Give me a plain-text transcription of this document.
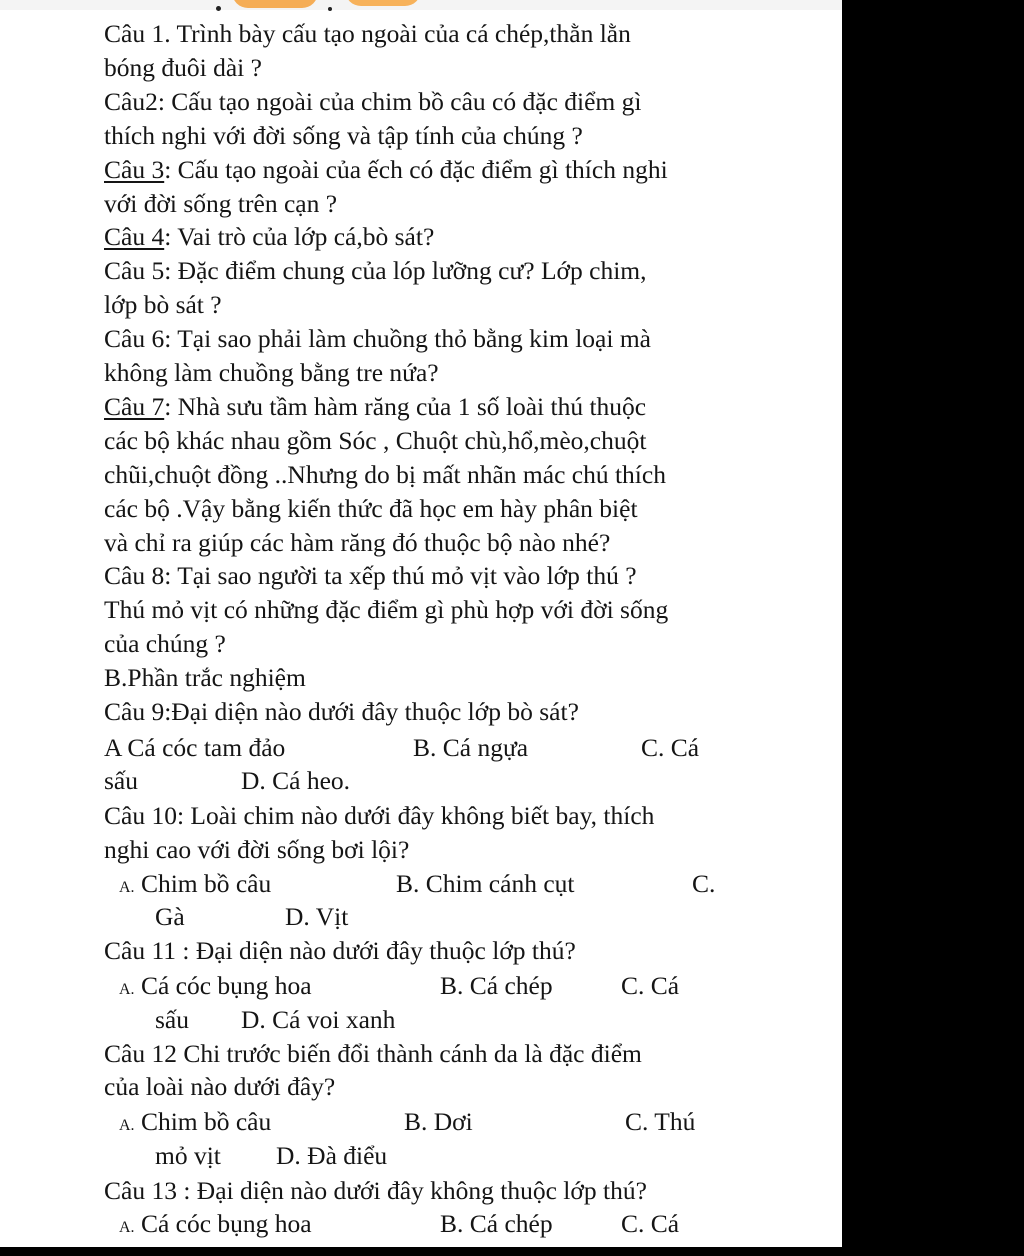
Câu 1. Trình bày cấu tạo ngoài của cá chép,thằn lằn
bóng đuôi dài ?
Câu2: Cấu tạo ngoài của chim bồ câu có đặc điểm gì
thích nghi với đời sống và tập tính của chúng ?
Câu 3: Cấu tạo ngoài của ếch có đặc điểm gì thích nghi
với đời sống trên cạn ?
Câu 4: Vai trò của lớp cá,bò sát?
Câu 5: Đặc điểm chung của lóp lưỡng cư? Lớp chim,
lớp bò sát ?
Câu 6: Tại sao phải làm chuồng thỏ bằng kim loại mà
không làm chuồng bằng tre nứa?
Câu 7: Nhà sưu tầm hàm răng của 1 số loài thú thuộc
các bộ khác nhau gồm Sóc , Chuột chù,hổ,mèo,chuột
chũi,chuột đồng ..Nhưng do bị mất nhãn mác chú thích
các bộ .Vậy bằng kiến thức đã học em hày phân biệt
và chỉ ra giúp các hàm răng đó thuộc bộ nào nhé?
Câu 8: Tại sao người ta xếp thú mỏ vịt vào lớp thú ?
Thú mỏ vịt có những đặc điểm gì phù hợp với đời sống
của chúng ?
B.Phần trắc nghiệm
Câu 9:Đại diện nào dưới đây thuộc lớp bò sát?
A Cá cóc tam đảo	B. Cá ngựa	C. Cá
sấu	D. Cá heo.
Câu 10: Loài chim nào dưới đây không biết bay, thích
nghi cao với đời sống bơi lội?
A. Chim bồ câu	B. Chim cánh cụt	C.
Gà	D. Vịt
Câu 11 : Đại diện nào dưới đây thuộc lớp thú?
A. Cá cóc bụng hoa	B. Cá chép	C. Cá
sấu D. Cá voi xanh
Câu 12 Chi trước biến đổi thành cánh da là đặc điểm
của loài nào dưới đây?
A. Chim bồ câu	B. Dơi	C. Thú
mỏ vịt D. Đà điểu
Câu 13 : Đại diện nào dưới đây không thuộc lớp thú?
A. Cá cóc bụng hoa	B. Cá chép	C. Cá
